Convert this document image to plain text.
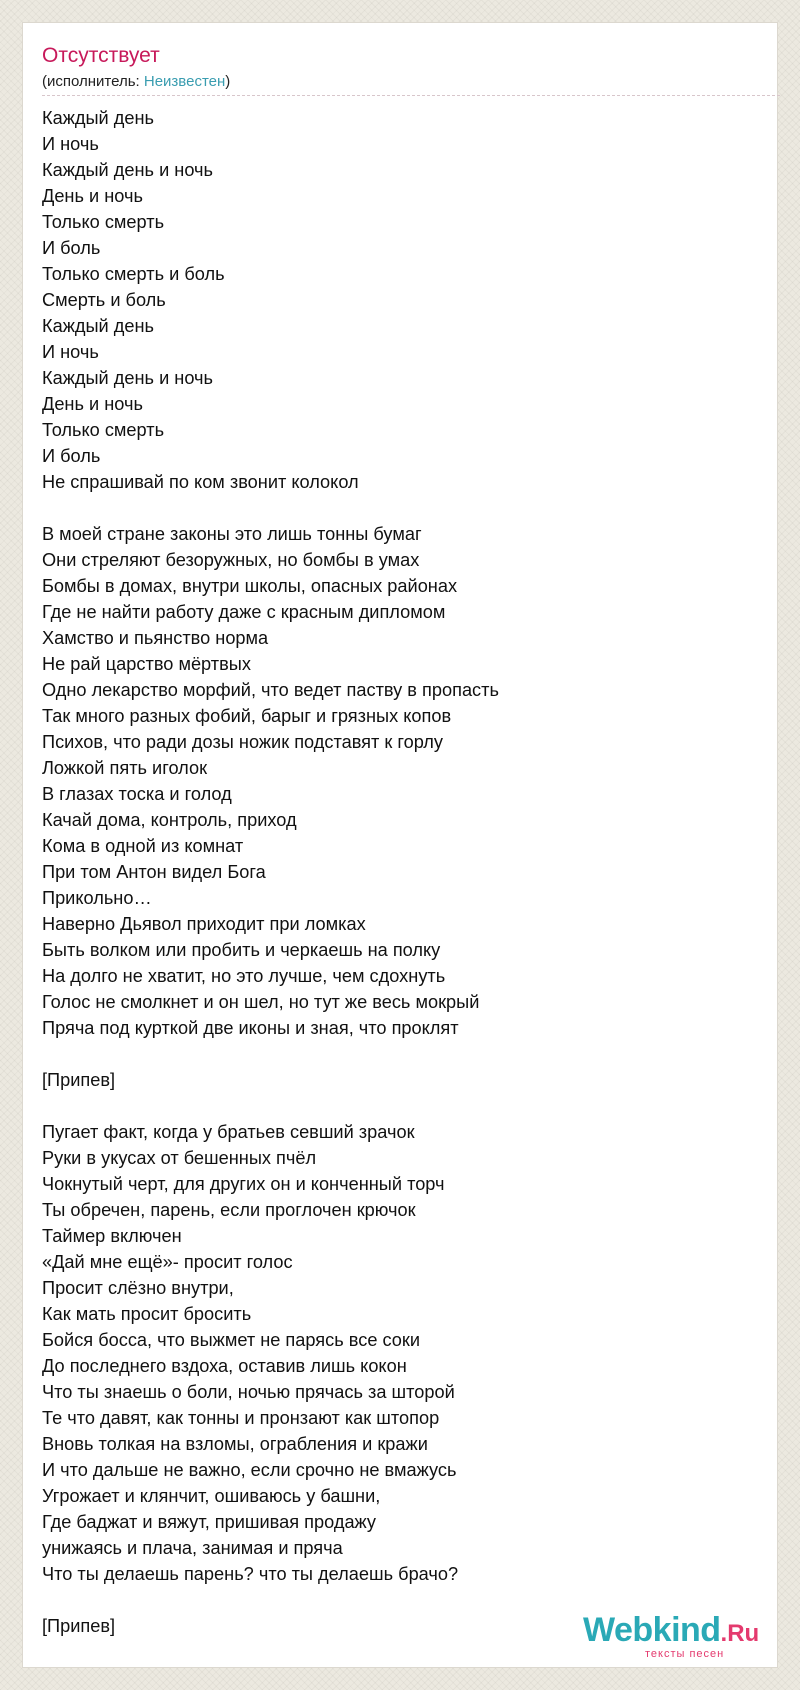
Отсутствует
(исполнитель: Неизвестен)
Каждый день
И ночь
Каждый день и ночь
День и ночь
Только смерть
И боль
Только смерть и боль
Смерть и боль
Каждый день
И ночь
Каждый день и ночь
День и ночь
Только смерть
И боль
Не спрашивай по ком звонит колокол
В моей стране законы это лишь тонны бумаг
Они стреляют безоружных, но бомбы в умах
Бомбы в домах, внутри школы, опасных районах
Где не найти работу даже с красным дипломом
Хамство и пьянство норма
Не рай царство мёртвых
Одно лекарство морфий, что ведет паству в пропасть
Так много разных фобий, барыг и грязных копов
Психов, что ради дозы ножик подставят к горлу
Ложкой пять иголок
В глазах тоска и голод
Качай дома, контроль, приход
Кома в одной из комнат
При том Антон видел Бога
Прикольно…
Наверно Дьявол приходит при ломках
Быть волком или пробить и черкаешь на полку
На долго не хватит, но это лучше, чем сдохнуть
Голос не смолкнет и он шел, но тут же весь мокрый
Пряча под курткой две иконы и зная, что проклят
[Припев]
Пугает факт, когда у братьев севший зрачок
Руки в укусах от бешенных пчёл
Чокнутый черт, для других он и конченный торч
Ты обречен, парень, если проглочен крючок
Таймер включен
«Дай мне ещё»- просит голос
Просит слёзно внутри,
Как мать просит бросить
Бойся босса, что выжмет не парясь все соки
До последнего вздоха, оставив лишь кокон
Что ты знаешь о боли, ночью прячась за шторой
Те что давят, как тонны и пронзают как штопор
Вновь толкая на взломы, ограбления и кражи
И что дальше не важно, если срочно не вмажусь
Угрожает и клянчит, ошиваюсь у башни,
Где баджат и вяжут, пришивая продажу
унижаясь и плача, занимая и пряча
Что ты делаешь парень? что ты делаешь брачо?
[Припев]	Webkind.Ru
тексты песен
